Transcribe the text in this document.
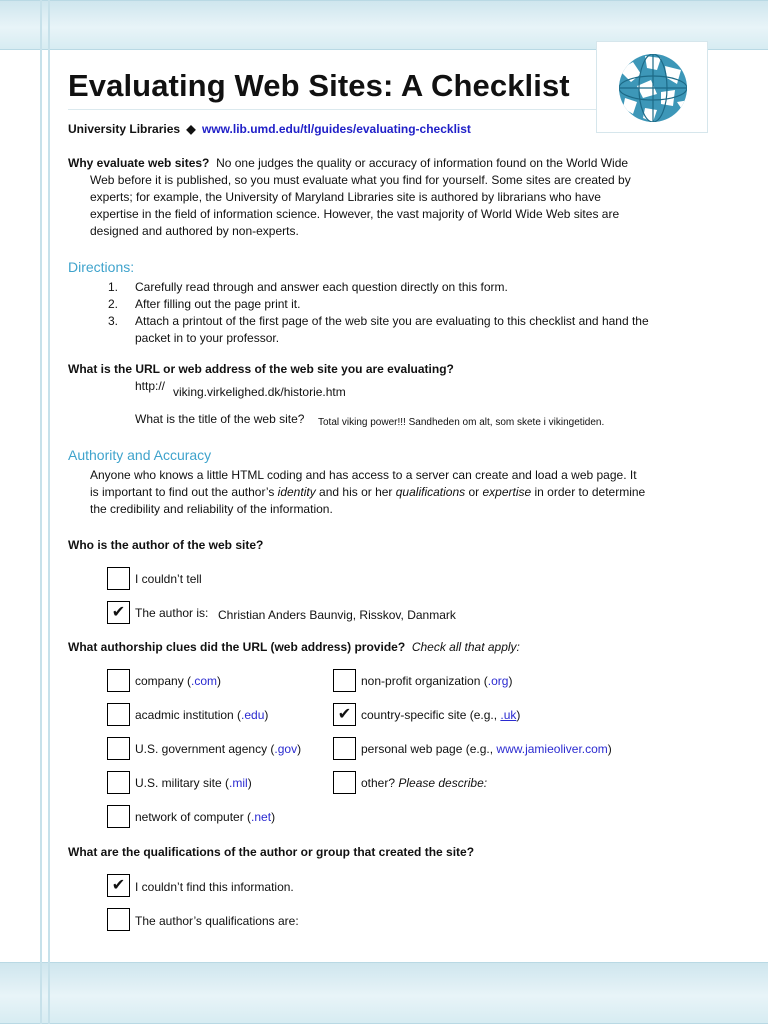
Evaluating Web Sites: A Checklist
University Libraries ◆ www.lib.umd.edu/tl/guides/evaluating-checklist
Why evaluate web sites? No one judges the quality or accuracy of information found on the World Wide
Web before it is published, so you must evaluate what you find for yourself. Some sites are created by
experts; for example, the University of Maryland Libraries site is authored by librarians who have
expertise in the field of information science. However, the vast majority of World Wide Web sites are
designed and authored by non-experts.
Directions:
1.	Carefully read through and answer each question directly on this form.
2.	After filling out the page print it.
3.	Attach a printout of the first page of the web site you are evaluating to this checklist and hand the
packet in to your professor.
What is the URL or web address of the web site you are evaluating?
http:// viking.virkelighed.dk/historie.htm
What is the title of the web site? Total viking power!!! Sandheden om alt, som skete i vikingetiden.
Authority and Accuracy
Anyone who knows a little HTML coding and has access to a server can create and load a web page. It
is important to find out the author’s identity and his or her qualifications or expertise in order to determine
the credibility and reliability of the information.
Who is the author of the web site?
I couldn’t tell
✔ The author is: Christian Anders Baunvig, Risskov, Danmark
What authorship clues did the URL (web address) provide? Check all that apply:
company (.com)
acadmic institution (.edu)
U.S. government agency (.gov)
U.S. military site (.mil)
network of computer (.net)
non-profit organization (.org)
✔ country-specific site (e.g., .uk)
personal web page (e.g., www.jamieoliver.com)
other? Please describe:
What are the qualifications of the author or group that created the site?
✔ I couldn’t find this information.
The author’s qualifications are:
